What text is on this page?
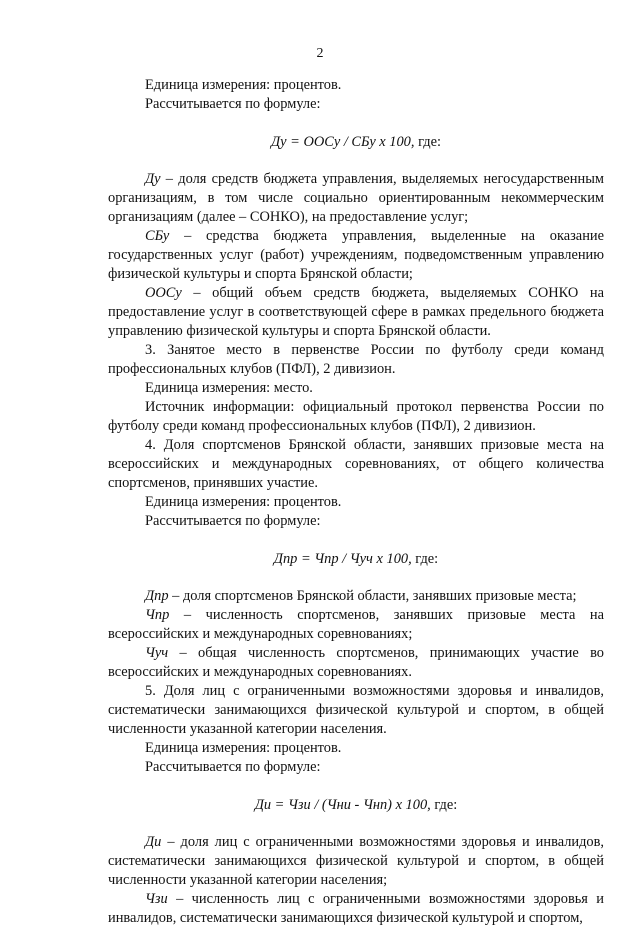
2

Единица измерения: процентов.

Рассчитывается по формуле:

Ду = ООСу / СБу х 100, где:

Ду – доля средств бюджета управления, выделяемых негосударственным организациям, в том числе социально ориентированным некоммерческим организациям (далее – СОНКО), на предоставление услуг;

СБу – средства бюджета управления, выделенные на оказание государственных услуг (работ) учреждениям, подведомственным управлению физической культуры и спорта Брянской области;

ООСу – общий объем средств бюджета, выделяемых СОНКО на предоставление услуг в соответствующей сфере в рамках предельного бюджета управлению физической культуры и спорта Брянской области.

3. Занятое место в первенстве России по футболу среди команд профессиональных клубов (ПФЛ), 2 дивизион.

Единица измерения: место.

Источник информации: официальный протокол первенства России по футболу среди команд профессиональных клубов (ПФЛ), 2 дивизион.

4. Доля спортсменов Брянской области, занявших призовые места на всероссийских и международных соревнованиях, от общего количества спортсменов, принявших участие.

Единица измерения: процентов.

Рассчитывается по формуле:

Дпр = Чпр / Чуч х 100, где:

Дпр – доля спортсменов Брянской области, занявших призовые места;

Чпр – численность спортсменов, занявших призовые места на всероссийских и международных соревнованиях;

Чуч – общая численность спортсменов, принимающих участие во всероссийских и международных соревнованиях.

5. Доля лиц с ограниченными возможностями здоровья и инвалидов, систематически занимающихся физической культурой и спортом, в общей численности указанной категории населения.

Единица измерения: процентов.

Рассчитывается по формуле:

Ди = Чзи / (Чни - Чнп) х 100, где:

Ди – доля лиц с ограниченными возможностями здоровья и инвалидов, систематически занимающихся физической культурой и спортом, в общей численности указанной категории населения;

Чзи – численность лиц с ограниченными возможностями здоровья и инвалидов, систематически занимающихся физической культурой и спортом,
